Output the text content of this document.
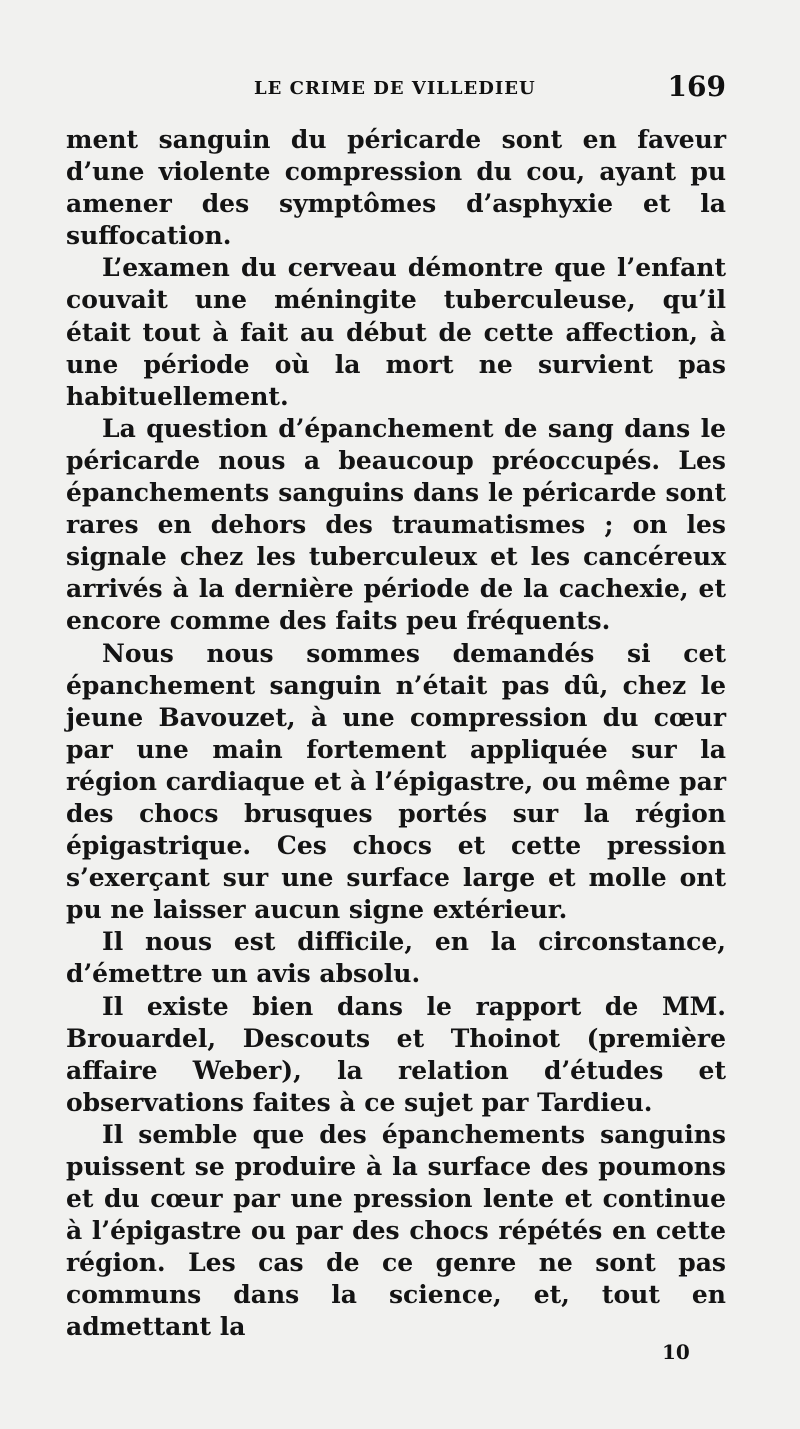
LE CRIME DE VILLEDIEU	169

ment sanguin du péricarde sont en faveur d’une violente compression du cou, ayant pu amener des symptômes d’asphyxie et la suffocation.

L’examen du cerveau démontre que l’enfant couvait une méningite tuberculeuse, qu’il était tout à fait au début de cette affection, à une période où la mort ne survient pas habituellement.

La question d’épanchement de sang dans le péricarde nous a beaucoup préoccupés. Les épanchements sanguins dans le péricarde sont rares en dehors des traumatismes ; on les signale chez les tuberculeux et les cancéreux arrivés à la dernière période de la cachexie, et encore comme des faits peu fréquents.

Nous nous sommes demandés si cet épanchement sanguin n’était pas dû, chez le jeune Bavouzet, à une compression du cœur par une main fortement appliquée sur la région cardiaque et à l’épigastre, ou même par des chocs brusques portés sur la région épigastrique. Ces chocs et cette pression s’exerçant sur une surface large et molle ont pu ne laisser aucun signe extérieur.

Il nous est difficile, en la circonstance, d’émettre un avis absolu.

Il existe bien dans le rapport de MM. Brouardel, Descouts et Thoinot (première affaire Weber), la relation d’études et observations faites à ce sujet par Tardieu.

Il semble que des épanchements sanguins puissent se produire à la surface des poumons et du cœur par une pression lente et continue à l’épigastre ou par des chocs répétés en cette région. Les cas de ce genre ne sont pas communs dans la science, et, tout en admettant la

10
